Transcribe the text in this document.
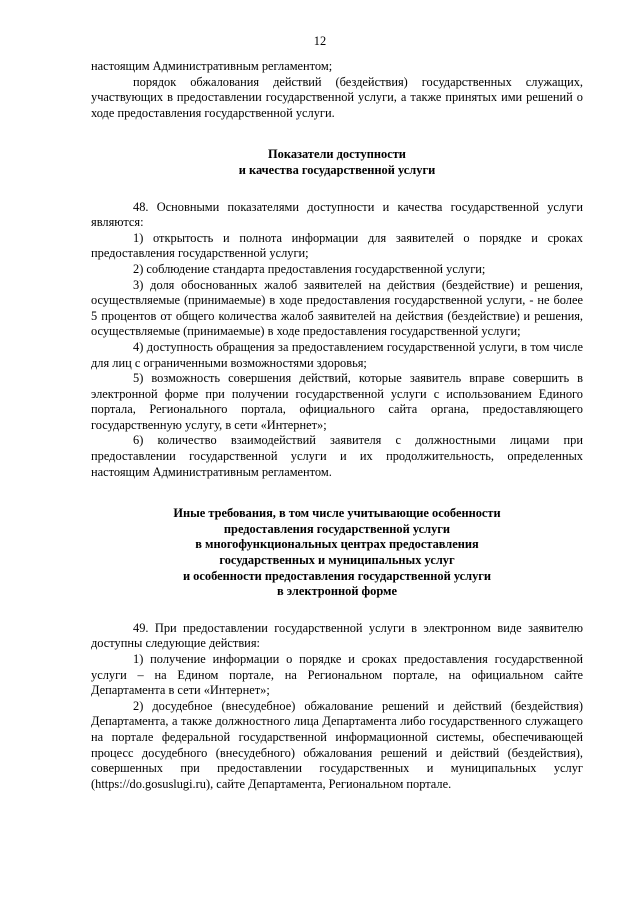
12

настоящим Административным регламентом;

порядок обжалования действий (бездействия) государственных служащих, участвующих в предоставлении государственной услуги, а также принятых ими решений о ходе предоставления государственной услуги.

Показатели доступности
и качества государственной услуги

48. Основными показателями доступности и качества государственной услуги являются:

1) открытость и полнота информации для заявителей о порядке и сроках предоставления государственной услуги;

2) соблюдение стандарта предоставления государственной услуги;

3) доля обоснованных жалоб заявителей на действия (бездействие) и решения, осуществляемые (принимаемые) в ходе предоставления государственной услуги, - не более 5 процентов от общего количества жалоб заявителей на действия (бездействие) и решения, осуществляемые (принимаемые) в ходе предоставления государственной услуги;

4) доступность обращения за предоставлением государственной услуги, в том числе для лиц с ограниченными возможностями здоровья;

5) возможность совершения действий, которые заявитель вправе совершить в электронной форме при получении государственной услуги с использованием Единого портала, Регионального портала, официального сайта органа, предоставляющего государственную услугу, в сети «Интернет»;

6) количество взаимодействий заявителя с должностными лицами при предоставлении государственной услуги и их продолжительность, определенных настоящим Административным регламентом.

Иные требования, в том числе учитывающие особенности
предоставления государственной услуги
в многофункциональных центрах предоставления
государственных и муниципальных услуг
и особенности предоставления государственной услуги
в электронной форме

49. При предоставлении государственной услуги в электронном виде заявителю доступны следующие действия:

1) получение информации о порядке и сроках предоставления государственной услуги – на Едином портале, на Региональном портале, на официальном сайте Департамента в сети «Интернет»;

2) досудебное (внесудебное) обжалование решений и действий (бездействия) Департамента, а также должностного лица Департамента либо государственного служащего на портале федеральной государственной информационной системы, обеспечивающей процесс досудебного (внесудебного) обжалования решений и действий (бездействия), совершенных при предоставлении государственных и муниципальных услуг (https://do.gosuslugi.ru), сайте Департамента, Региональном портале.
